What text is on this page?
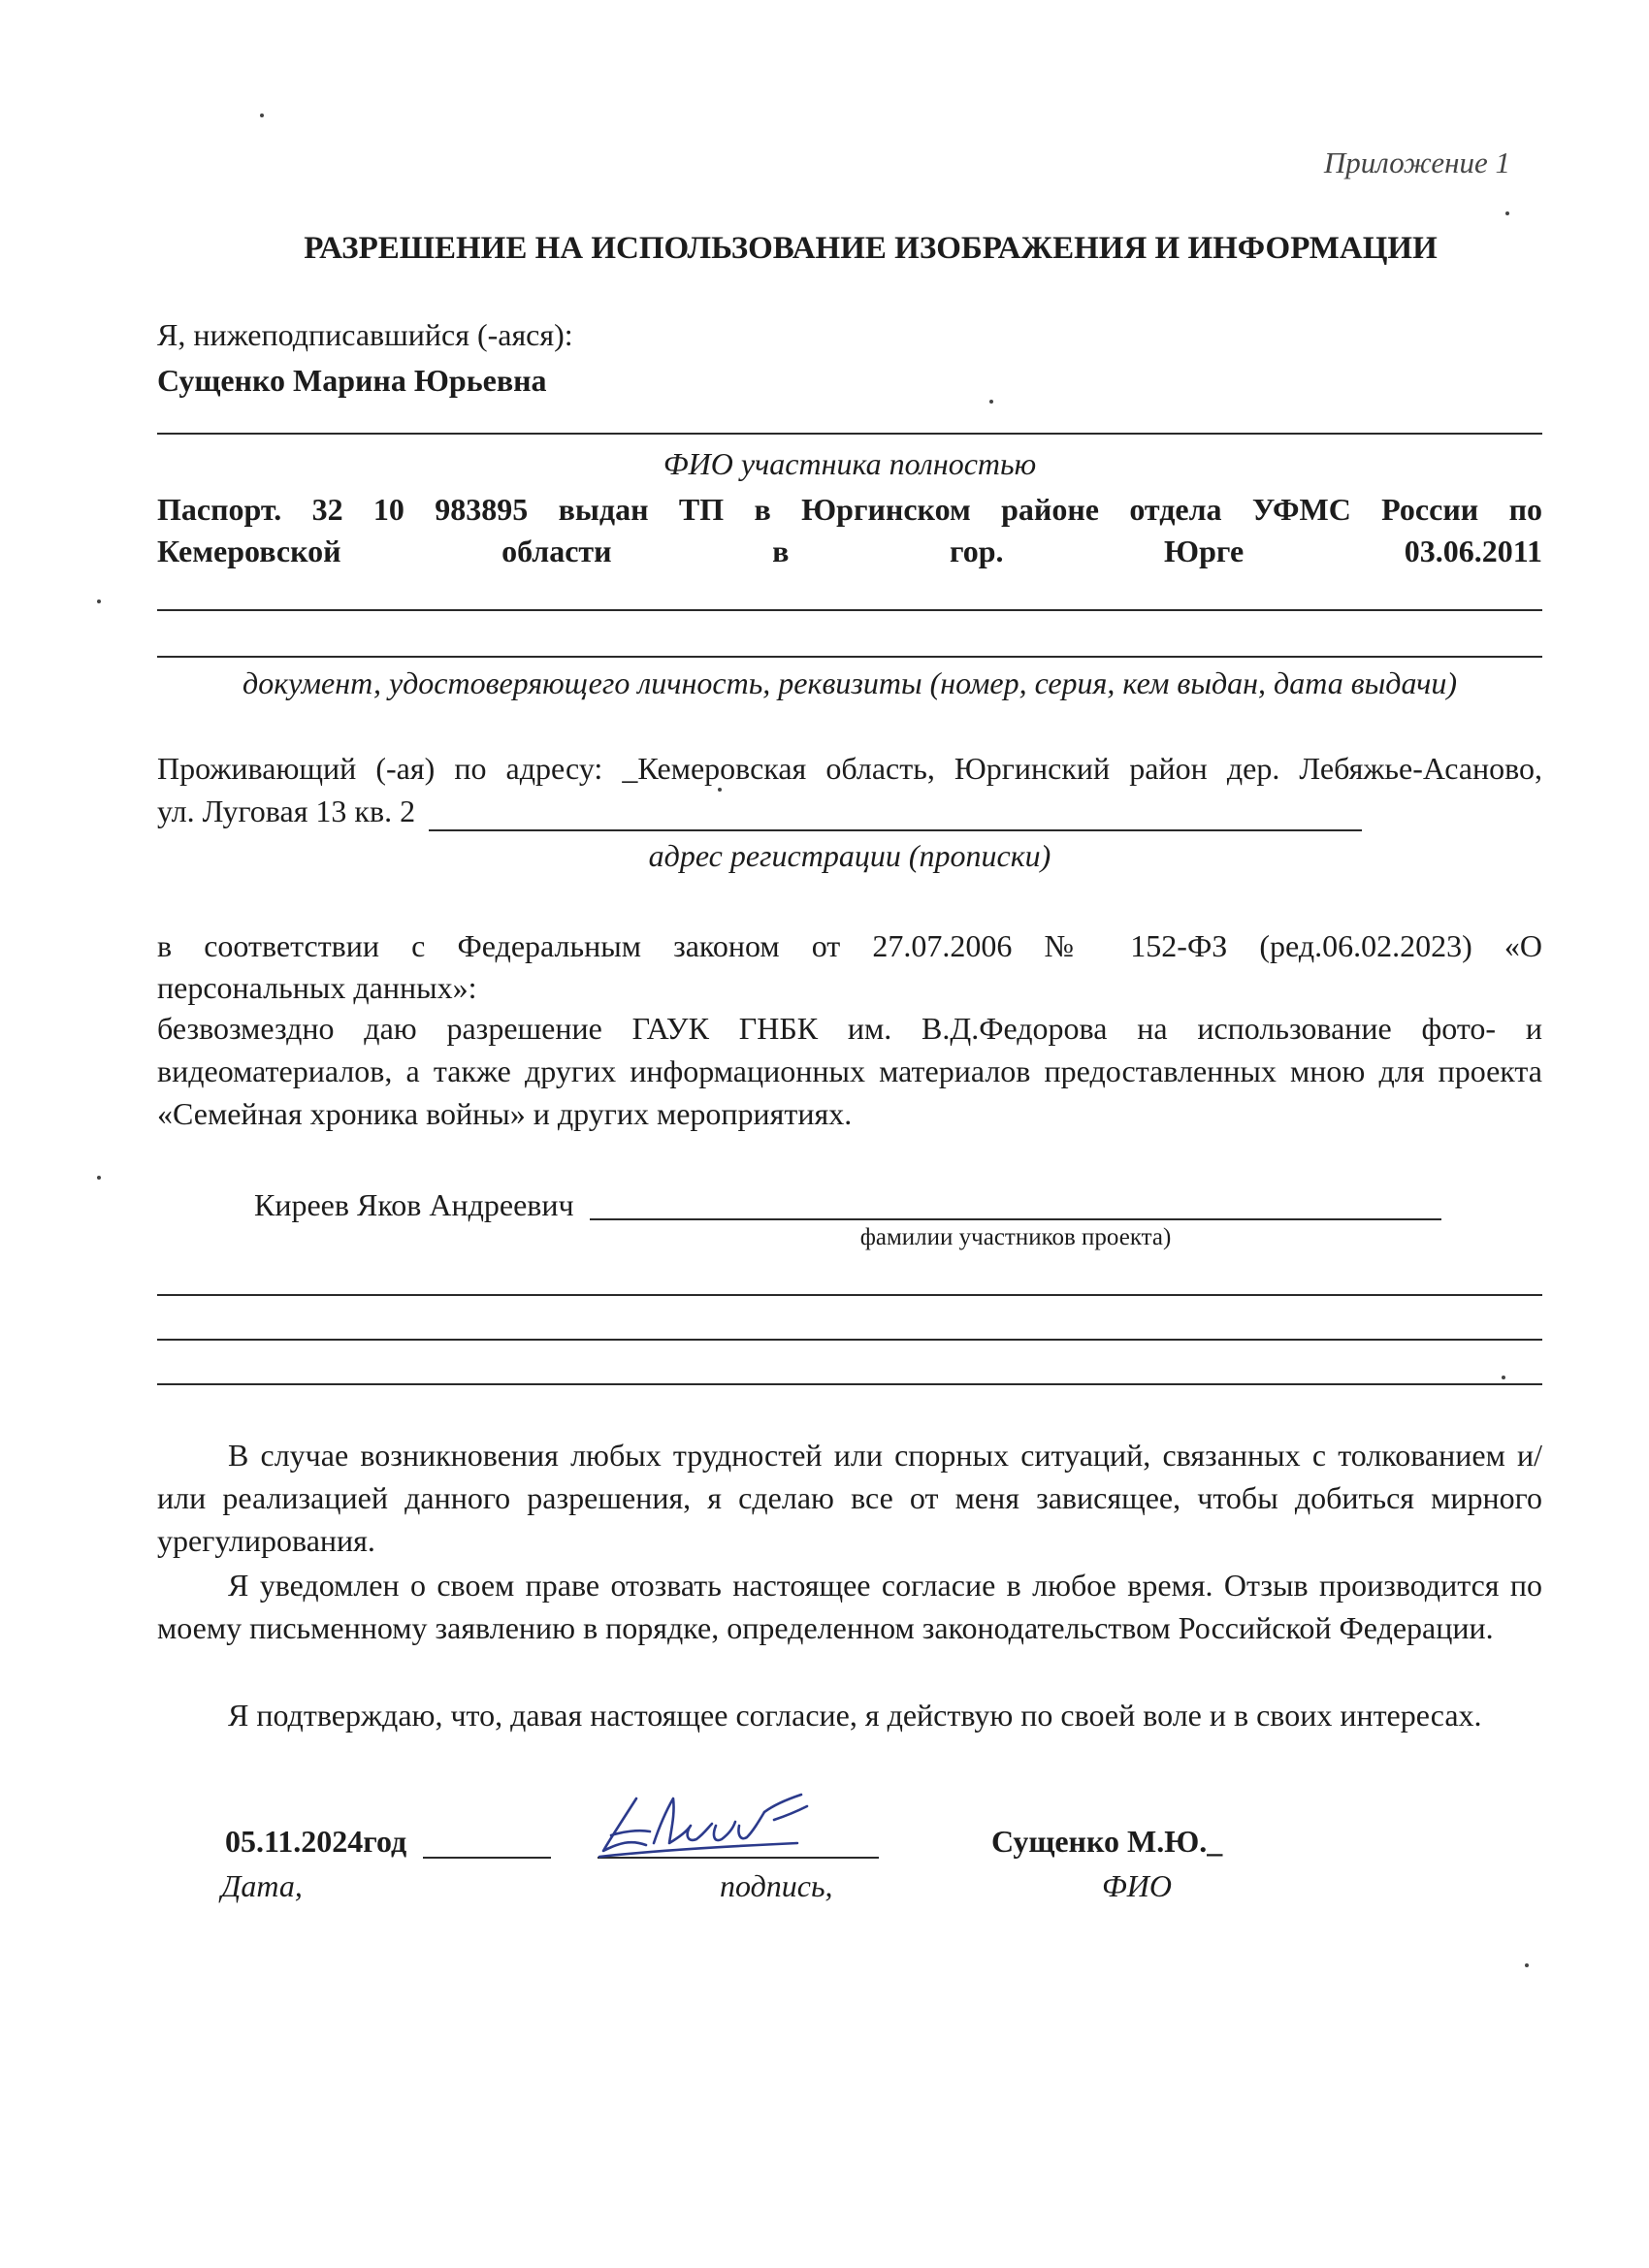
Приложение 1
РАЗРЕШЕНИЕ НА ИСПОЛЬЗОВАНИЕ ИЗОБРАЖЕНИЯ И ИНФОРМАЦИИ
Я, нижеподписавшийся (-аяся):
Сущенко Марина Юрьевна
ФИО участника полностью
Паспорт. 32 10 983895 выдан ТП в Юргинском районе отдела УФМС России по
Кемеровской	области	в	гор.	Юрге	03.06.2011
документ, удостоверяющего личность, реквизиты (номер, серия, кем выдан, дата выдачи)
Проживающий (-ая) по адресу: _Кемеровская область, Юргинский район дер. Лебяжье-Асаново,
ул. Луговая 13 кв. 2
адрес регистрации (прописки)
в соответствии с Федеральным законом от 27.07.2006 № 152-ФЗ (ред.06.02.2023) «О
персональных данных»:
безвозмездно даю разрешение ГАУК ГНБК им. В.Д.Федорова на использование фото- и видеоматериалов, а также других информационных материалов предоставленных мною для проекта «Семейная хроника войны» и других мероприятиях.
Киреев Яков Андреевич
фамилии участников проекта)

В случае возникновения любых трудностей или спорных ситуаций, связанных с толкованием и/или реализацией данного разрешения, я сделаю все от меня зависящее, чтобы добиться мирного урегулирования.

Я уведомлен о своем праве отозвать настоящее согласие в любое время. Отзыв производится по моему письменному заявлению в порядке, определенном законодательством Российской Федерации.

Я подтверждаю, что, давая настоящее согласие, я действую по своей воле и в своих интересах.

05.11.2024год	Сущенко М.Ю._
Дата,	подпись,	ФИО
